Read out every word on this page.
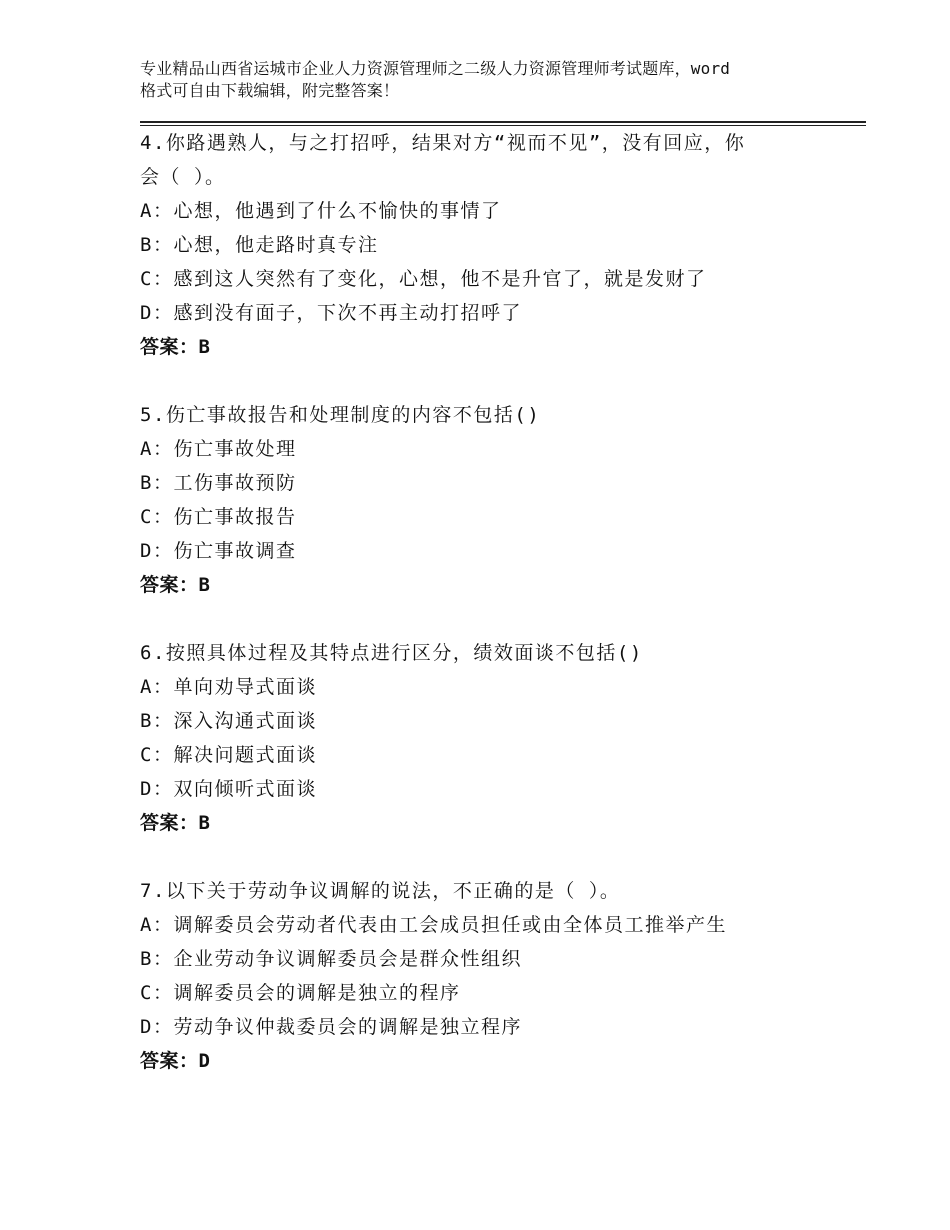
专业精品山西省运城市企业人力资源管理师之二级人力资源管理师考试题库，word
格式可自由下载编辑，附完整答案！
4.你路遇熟人，与之打招呼，结果对方“视而不见”，没有回应，你
会（ ）。
A：心想，他遇到了什么不愉快的事情了
B：心想，他走路时真专注
C：感到这人突然有了变化，心想，他不是升官了，就是发财了
D：感到没有面子，下次不再主动打招呼了
答案：B
5.伤亡事故报告和处理制度的内容不包括()
A：伤亡事故处理
B：工伤事故预防
C：伤亡事故报告
D：伤亡事故调查
答案：B
6.按照具体过程及其特点进行区分，绩效面谈不包括()
A：单向劝导式面谈
B：深入沟通式面谈
C：解决问题式面谈
D：双向倾听式面谈
答案：B
7.以下关于劳动争议调解的说法，不正确的是（ ）。
A：调解委员会劳动者代表由工会成员担任或由全体员工推举产生
B：企业劳动争议调解委员会是群众性组织
C：调解委员会的调解是独立的程序
D：劳动争议仲裁委员会的调解是独立程序
答案：D
